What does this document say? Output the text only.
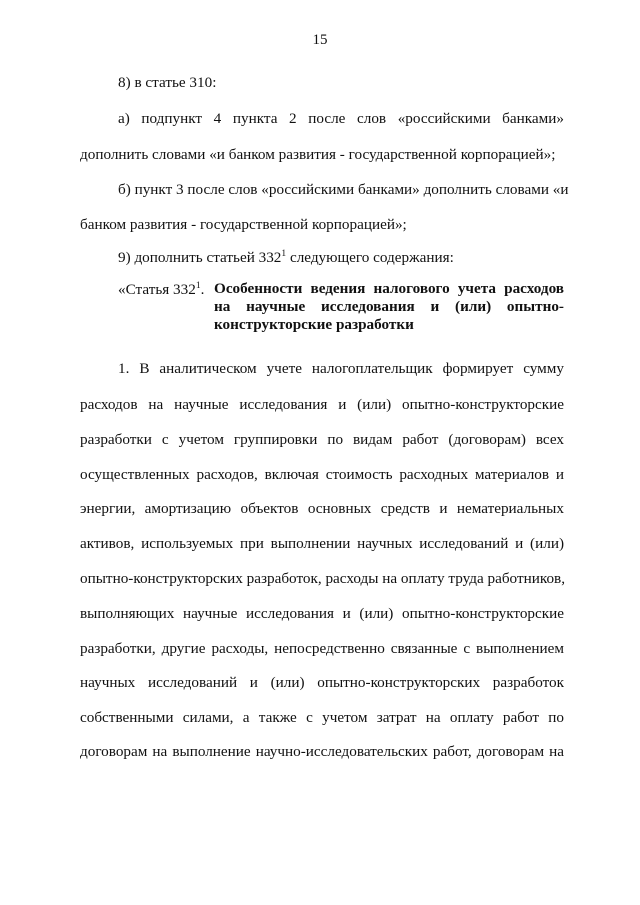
15

8) в статье 310:

а) подпункт 4 пункта 2 после слов «российскими банками»

дополнить словами «и банком развития - государственной корпорацией»;

б) пункт 3 после слов «российскими банками» дополнить словами «и

банком развития - государственной корпорацией»;

9) дополнить статьей $332^1$ следующего содержания:

«Статья $332^1$. Особенности ведения налогового учета расходов
на научные исследования и (или) опытно-
конструкторские разработки

1. В аналитическом учете налогоплательщик формирует сумму

расходов на научные исследования и (или) опытно-конструкторские

разработки с учетом группировки по видам работ (договорам) всех

осуществленных расходов, включая стоимость расходных материалов и

энергии, амортизацию объектов основных средств и нематериальных

активов, используемых при выполнении научных исследований и (или)

опытно-конструкторских разработок, расходы на оплату труда работников,

выполняющих научные исследования и (или) опытно-конструкторские

разработки, другие расходы, непосредственно связанные с выполнением

научных исследований и (или) опытно-конструкторских разработок

собственными силами, а также с учетом затрат на оплату работ по

договорам на выполнение научно-исследовательских работ, договорам на
